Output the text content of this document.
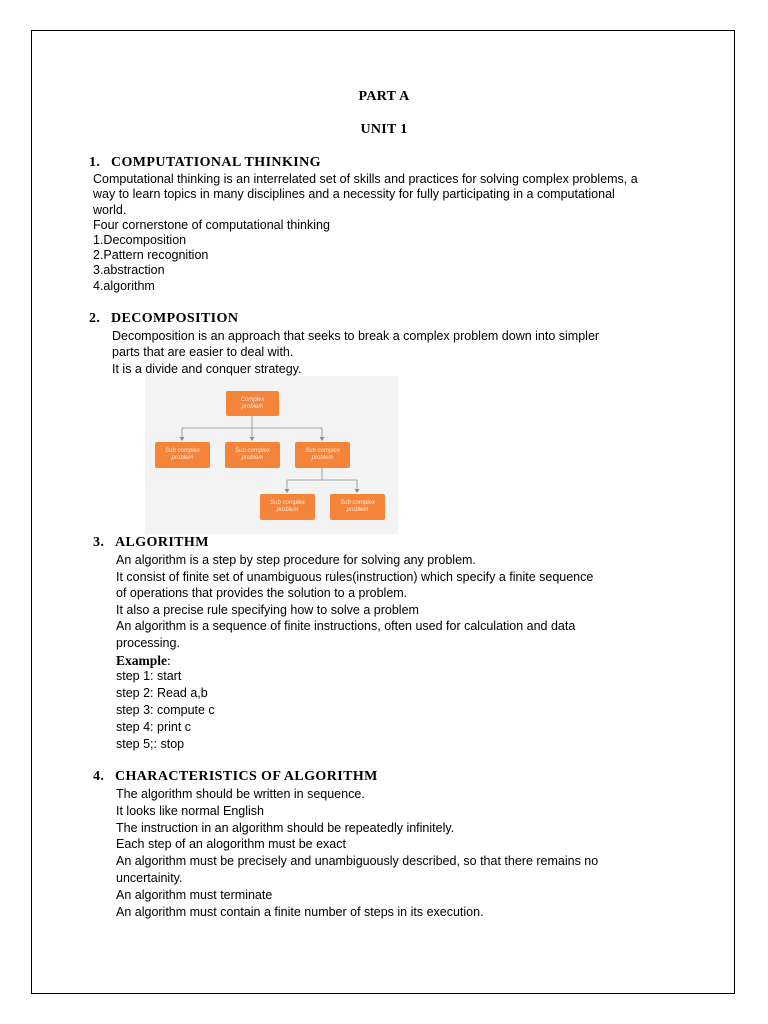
PART A
UNIT 1
1. COMPUTATIONAL THINKING
Computational thinking is an interrelated set of skills and practices for solving complex problems, a
way to learn topics in many disciplines and a necessity for fully participating in a computational
world.
Four cornerstone of computational thinking
1.Decomposition
2.Pattern recognition
3.abstraction
4.algorithm
2. DECOMPOSITION
Decomposition is an approach that seeks to break a complex problem down into simpler
parts that are easier to deal with.
It is a divide and conquer strategy.
Complex problem
Sub complex problem
Sub complex problem
Sub complex problem
Sub complex problem
Sub complex problem
3. ALGORITHM
An algorithm is a step by step procedure for solving any problem.
It consist of finite set of unambiguous rules(instruction) which specify a finite sequence
of operations that provides the solution to a problem.
It also a precise rule specifying how to solve a problem
An algorithm is a sequence of finite instructions, often used for calculation and data
processing.
Example:
step 1: start
step 2: Read a,b
step 3: compute c
step 4: print c
step 5;: stop
4. CHARACTERISTICS OF ALGORITHM
The algorithm should be written in sequence.
It looks like normal English
The instruction in an algorithm should be repeatedly infinitely.
Each step of an alogorithm must be exact
An algorithm must be precisely and unambiguously described, so that there remains no
uncertainity.
An algorithm must terminate
An algorithm must contain a finite number of steps in its execution.
